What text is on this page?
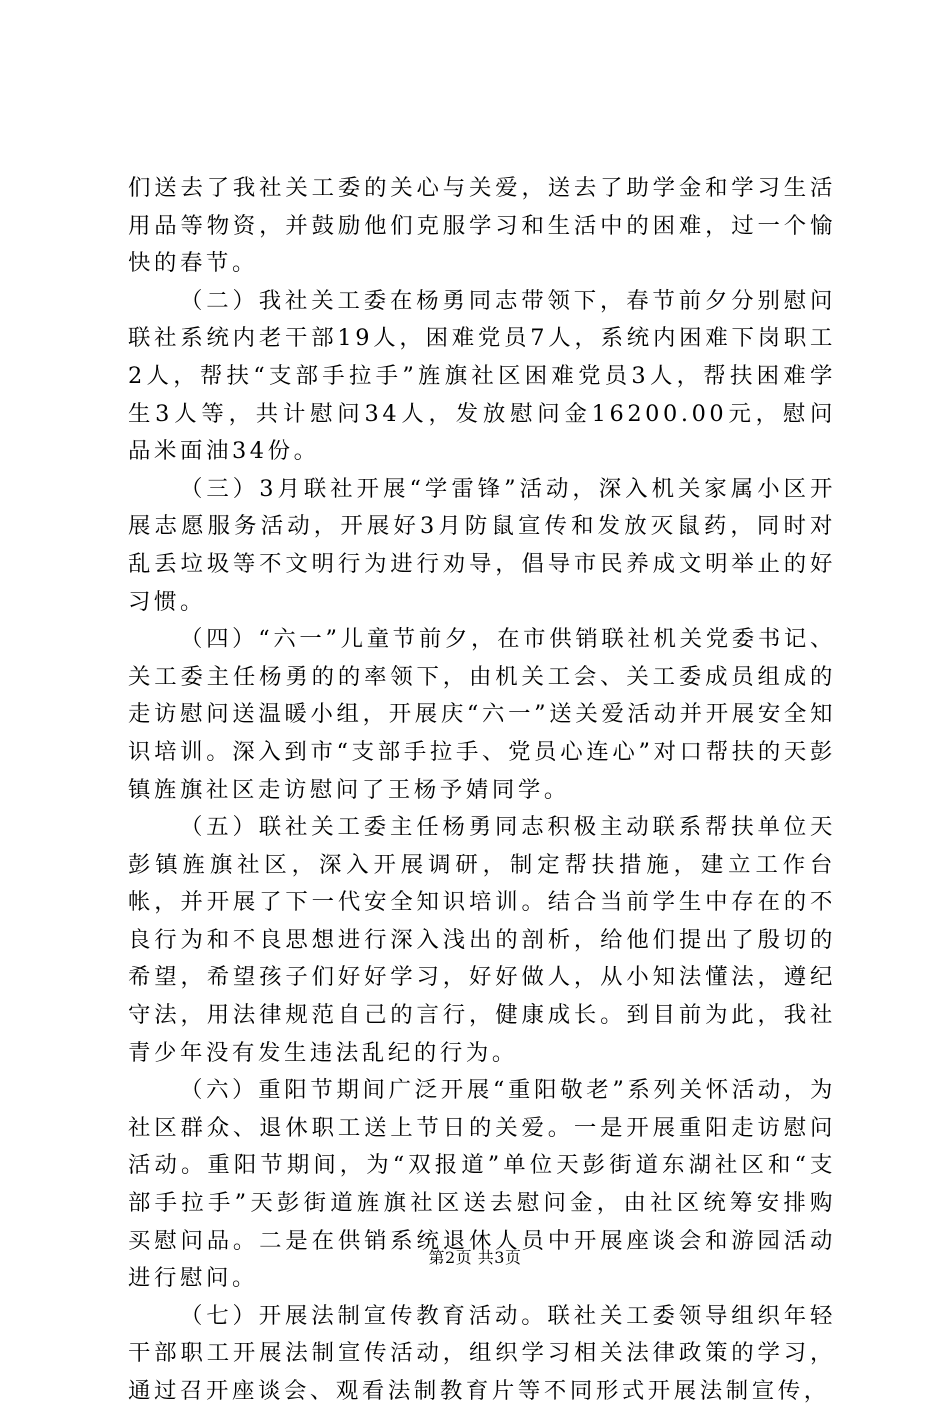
们送去了我社关工委的关心与关爱，送去了助学金和学习生活用品等物资，并鼓励他们克服学习和生活中的困难，过一个愉快的春节。

（二）我社关工委在杨勇同志带领下，春节前夕分别慰问联社系统内老干部19人，困难党员7人，系统内困难下岗职工2人，帮扶“支部手拉手”旌旗社区困难党员3人，帮扶困难学生3人等，共计慰问34人，发放慰问金16200.00元，慰问品米面油34份。

（三）3月联社开展“学雷锋”活动，深入机关家属小区开展志愿服务活动，开展好3月防鼠宣传和发放灭鼠药，同时对乱丢垃圾等不文明行为进行劝导，倡导市民养成文明举止的好习惯。

（四）“六一”儿童节前夕，在市供销联社机关党委书记、关工委主任杨勇的的率领下，由机关工会、关工委成员组成的走访慰问送温暖小组，开展庆“六一”送关爱活动并开展安全知识培训。深入到市“支部手拉手、党员心连心”对口帮扶的天彭镇旌旗社区走访慰问了王杨予婧同学。

（五）联社关工委主任杨勇同志积极主动联系帮扶单位天彭镇旌旗社区，深入开展调研，制定帮扶措施，建立工作台帐，并开展了下一代安全知识培训。结合当前学生中存在的不良行为和不良思想进行深入浅出的剖析，给他们提出了殷切的希望，希望孩子们好好学习，好好做人，从小知法懂法，遵纪守法，用法律规范自己的言行，健康成长。到目前为此，我社青少年没有发生违法乱纪的行为。

（六）重阳节期间广泛开展“重阳敬老”系列关怀活动，为社区群众、退休职工送上节日的关爱。一是开展重阳走访慰问活动。重阳节期间，为“双报道”单位天彭街道东湖社区和“支部手拉手”天彭街道旌旗社区送去慰问金，由社区统筹安排购买慰问品。二是在供销系统退休人员中开展座谈会和游园活动进行慰问。

（七）开展法制宣传教育活动。联社关工委领导组织年轻干部职工开展法制宣传活动，组织学习相关法律政策的学习，通过召开座谈会、观看法制教育片等不同形式开展法制宣传，

第2页 共3页
